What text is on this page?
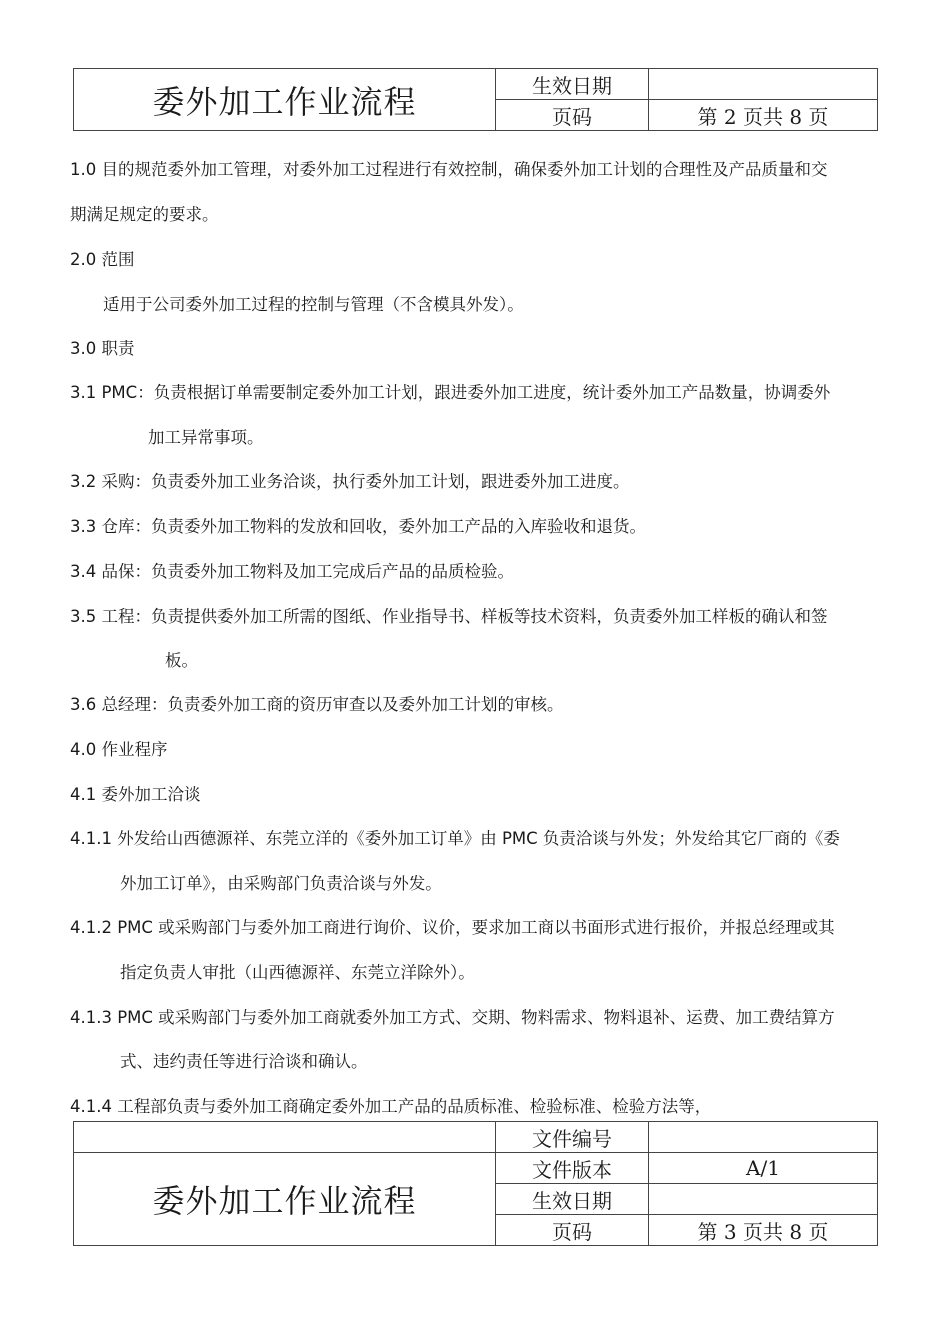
委外加工作业流程	生效日期	
	页码	第 2 页共 8 页
1.0 目的规范委外加工管理，对委外加工过程进行有效控制，确保委外加工计划的合理性及产品质量和交
期满足规定的要求。
2.0 范围
适用于公司委外加工过程的控制与管理（不含模具外发）。
3.0 职责
3.1 PMC：负责根据订单需要制定委外加工计划，跟进委外加工进度，统计委外加工产品数量，协调委外
加工异常事项。
3.2 采购：负责委外加工业务洽谈，执行委外加工计划，跟进委外加工进度。
3.3 仓库：负责委外加工物料的发放和回收，委外加工产品的入库验收和退货。
3.4 品保：负责委外加工物料及加工完成后产品的品质检验。
3.5 工程：负责提供委外加工所需的图纸、作业指导书、样板等技术资料，负责委外加工样板的确认和签
板。
3.6 总经理：负责委外加工商的资历审查以及委外加工计划的审核。
4.0 作业程序
4.1 委外加工洽谈
4.1.1 外发给山西德源祥、东莞立洋的《委外加工订单》由 PMC 负责洽谈与外发；外发给其它厂商的《委
外加工订单》，由采购部门负责洽谈与外发。
4.1.2 PMC 或采购部门与委外加工商进行询价、议价，要求加工商以书面形式进行报价，并报总经理或其
指定负责人审批（山西德源祥、东莞立洋除外）。
4.1.3 PMC 或采购部门与委外加工商就委外加工方式、交期、物料需求、物料退补、运费、加工费结算方
式、违约责任等进行洽谈和确认。
4.1.4 工程部负责与委外加工商确定委外加工产品的品质标准、检验标准、检验方法等，
	文件编号	
委外加工作业流程	文件版本	A/1
	生效日期	
	页码	第 3 页共 8 页
